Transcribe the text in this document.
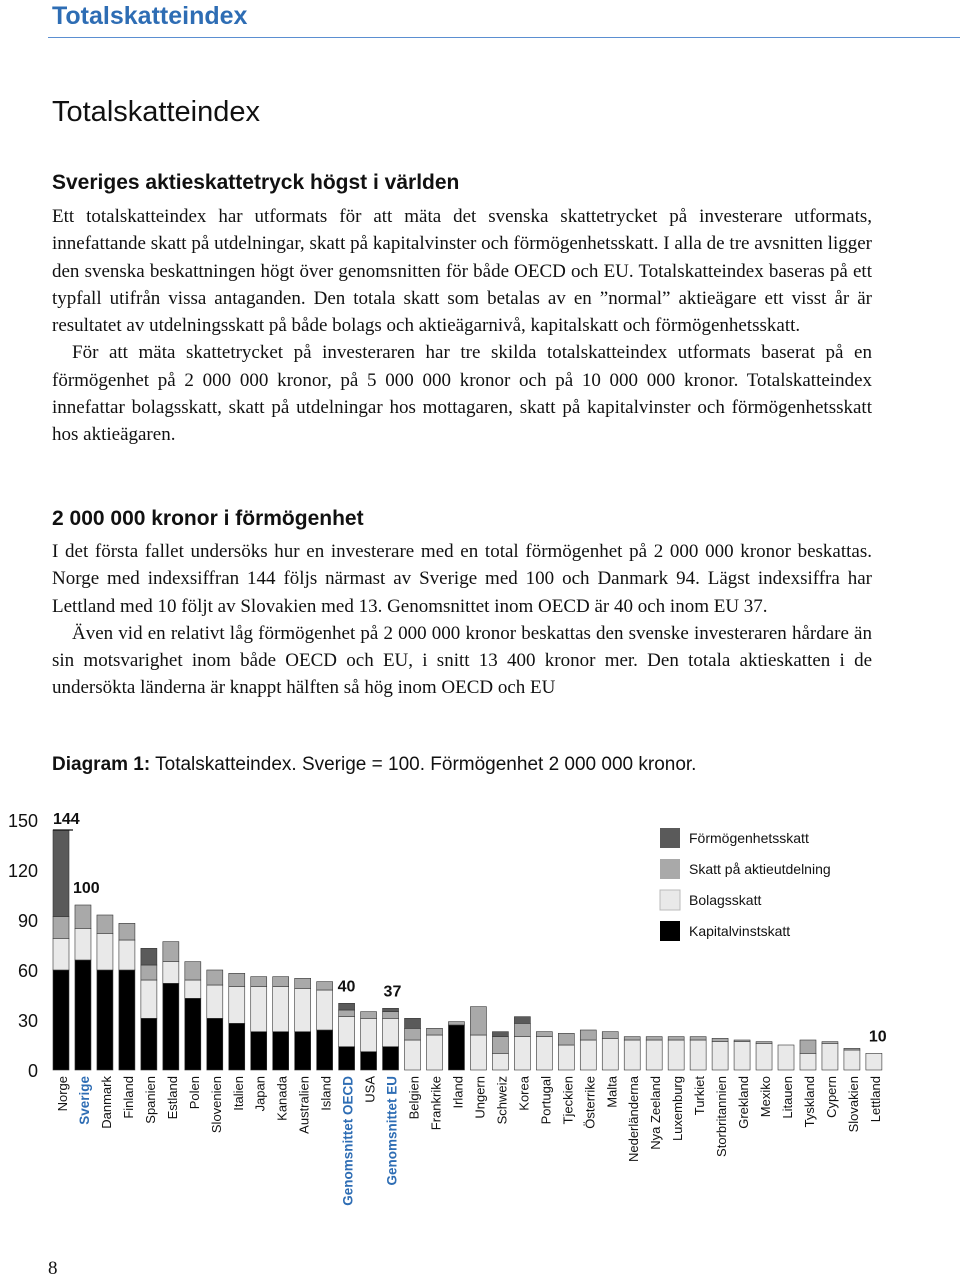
Totalskatteindex
Totalskatteindex
Sveriges aktieskattetryck högst i världen

Ett totalskatteindex har utformats för att mäta det svenska skattetrycket på investerare utformats, innefattande skatt på utdelningar, skatt på kapitalvinster och förmögenhetsskatt. I alla de tre avsnitten ligger den svenska beskattningen högt över genomsnitten för både OECD och EU. Totalskatteindex baseras på ett typfall utifrån vissa antaganden. Den totala skatt som betalas av en ”normal” aktieägare ett visst år är resultatet av utdelningsskatt på både bolags och aktieägarnivå, kapitalskatt och förmögenhetsskatt.

För att mäta skattetrycket på investeraren har tre skilda totalskatteindex utformats baserat på en förmögenhet på 2 000 000 kronor, på 5 000 000 kronor och på 10 000 000 kronor. Totalskatteindex innefattar bolagsskatt, skatt på utdelningar hos mottagaren, skatt på kapitalvinster och förmögenhetsskatt hos aktieägaren.

2 000 000 kronor i förmögenhet

I det första fallet undersöks hur en investerare med en total förmögenhet på 2 000 000 kronor beskattas. Norge med indexsiffran 144 följs närmast av Sverige med 100 och Danmark 94. Lägst indexsiffra har Lettland med 10 följt av Slovakien med 13. Genomsnittet inom OECD är 40 och inom EU 37.

Även vid en relativt låg förmögenhet på 2 000 000 kronor beskattas den svenske investeraren hårdare än sin motsvarighet inom både OECD och EU, i snitt 13 400 kronor mer. Den totala aktieskatten i de undersökta länderna är knappt hälften så hög inom OECD och EU

Diagram 1: Totalskatteindex. Sverige = 100. Förmögenhet 2 000 000 kronor.
0
30
60
90
120
150
Norge Sverige Danmark Finland Spanien Estland Polen Slovenien Italien Japan Kanada Australien Island Genomsnittet OECD USA Genomsnittet EU Belgien Frankrike Irland Ungern Schweiz Korea Portugal Tjeckien Österrike Malta Nederländerna Nya Zeeland Luxemburg Turkiet Storbritannien Grekland Mexiko Litauen Tyskland Cypern Slovakien Lettland
144
100
40 37
10
Förmögenhetsskatt
Skatt på aktieutdelning
Bolagsskatt
Kapitalvinstskatt
8
